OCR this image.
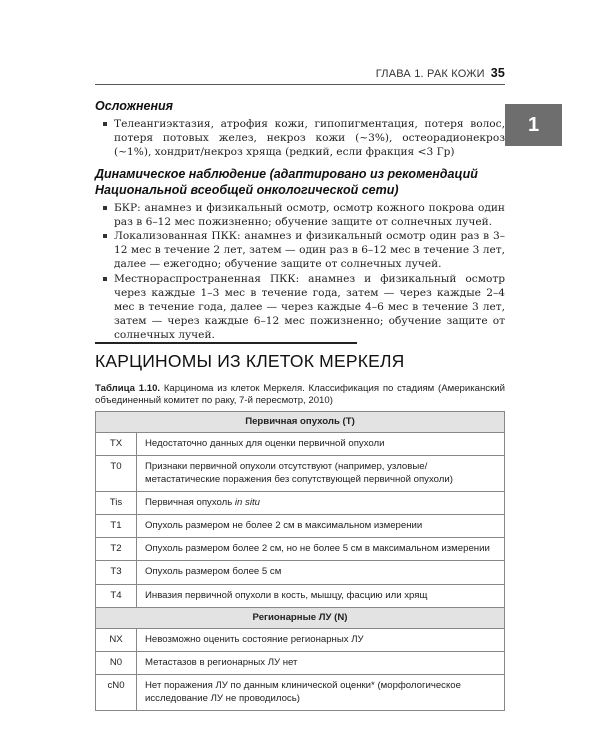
ГЛАВА 1. РАК КОЖИ 35
1
Осложнения
Телеангиэктазия, атрофия кожи, гипопигментация, потеря волос, потеря потовых желез, некроз кожи (~3%), остеорадионекроз (~1%), хондрит/некроз хряща (редкий, если фракция <3 Гр)
Динамическое наблюдение (адаптировано из рекомендаций Национальной всеобщей онкологической сети)
БКР: анамнез и физикальный осмотр, осмотр кожного покрова один раз в 6–12 мес пожизненно; обучение защите от солнечных лучей.
Локализованная ПКК: анамнез и физикальный осмотр один раз в 3–12 мес в течение 2 лет, затем — один раз в 6–12 мес в течение 3 лет, далее — ежегодно; обучение защите от солнечных лучей.
Местнораспространенная ПКК: анамнез и физикальный осмотр через каждые 1–3 мес в течение года, затем — через каждые 2–4 мес в течение года, далее — через каждые 4–6 мес в течение 3 лет, затем — через каждые 6–12 мес пожизненно; обучение защите от солнечных лучей.
КАРЦИНОМЫ ИЗ КЛЕТОК МЕРКЕЛЯ
Таблица 1.10. Карцинома из клеток Меркеля. Классификация по стадиям (Американский объединенный комитет по раку, 7-й пересмотр, 2010)
Первичная опухоль (T)	
TX	Недостаточно данных для оценки первичной опухоли
T0	Признаки первичной опухоли отсутствуют (например, узловые/метастатические поражения без сопутствующей первичной опухоли)
Tis	Первичная опухоль in situ
T1	Опухоль размером не более 2 см в максимальном измерении
T2	Опухоль размером более 2 см, но не более 5 см в максимальном измерении
T3	Опухоль размером более 5 см
T4	Инвазия первичной опухоли в кость, мышцу, фасцию или хрящ
Регионарные ЛУ (N)	
NX	Невозможно оценить состояние регионарных ЛУ
N0	Метастазов в регионарных ЛУ нет
cN0	Нет поражения ЛУ по данным клинической оценки* (морфологическое исследование ЛУ не проводилось)
